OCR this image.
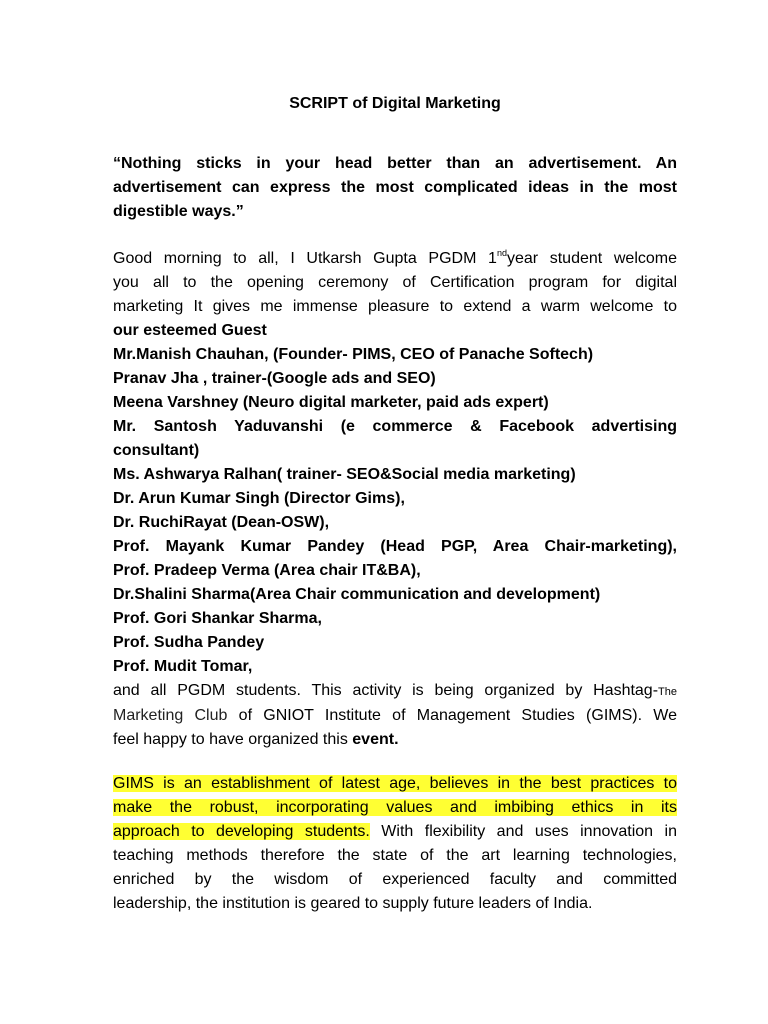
SCRIPT of Digital Marketing
“Nothing sticks in your head better than an advertisement. An advertisement can express the most complicated ideas in the most digestible ways.”
Good morning to all, I Utkarsh Gupta PGDM 1ndyear student welcome
you all to the opening ceremony of Certification program for digital
marketing It gives me immense pleasure to extend a warm welcome to
our esteemed Guest
Mr.Manish Chauhan, (Founder- PIMS, CEO of Panache Softech)
Pranav Jha , trainer-(Google ads and SEO)
Meena Varshney (Neuro digital marketer, paid ads expert)
Mr. Santosh Yaduvanshi (e commerce & Facebook advertising
consultant)
Ms. Ashwarya Ralhan( trainer- SEO&Social media marketing)
Dr. Arun Kumar Singh (Director Gims),
Dr. RuchiRayat (Dean-OSW),
Prof. Mayank Kumar Pandey (Head PGP, Area Chair-marketing),
Prof. Pradeep Verma (Area chair IT&BA),
Dr.Shalini Sharma(Area Chair communication and development)
Prof. Gori Shankar Sharma,
Prof. Sudha Pandey
Prof. Mudit Tomar,
and all PGDM students. This activity is being organized by Hashtag-The
Marketing Club of GNIOT Institute of Management Studies (GIMS). We
feel happy to have organized this event.
GIMS is an establishment of latest age, believes in the best practices to
make the robust, incorporating values and imbibing ethics in its
approach to developing students. With flexibility and uses innovation in
teaching methods therefore the state of the art learning technologies,
enriched by the wisdom of experienced faculty and committed
leadership, the institution is geared to supply future leaders of India.
